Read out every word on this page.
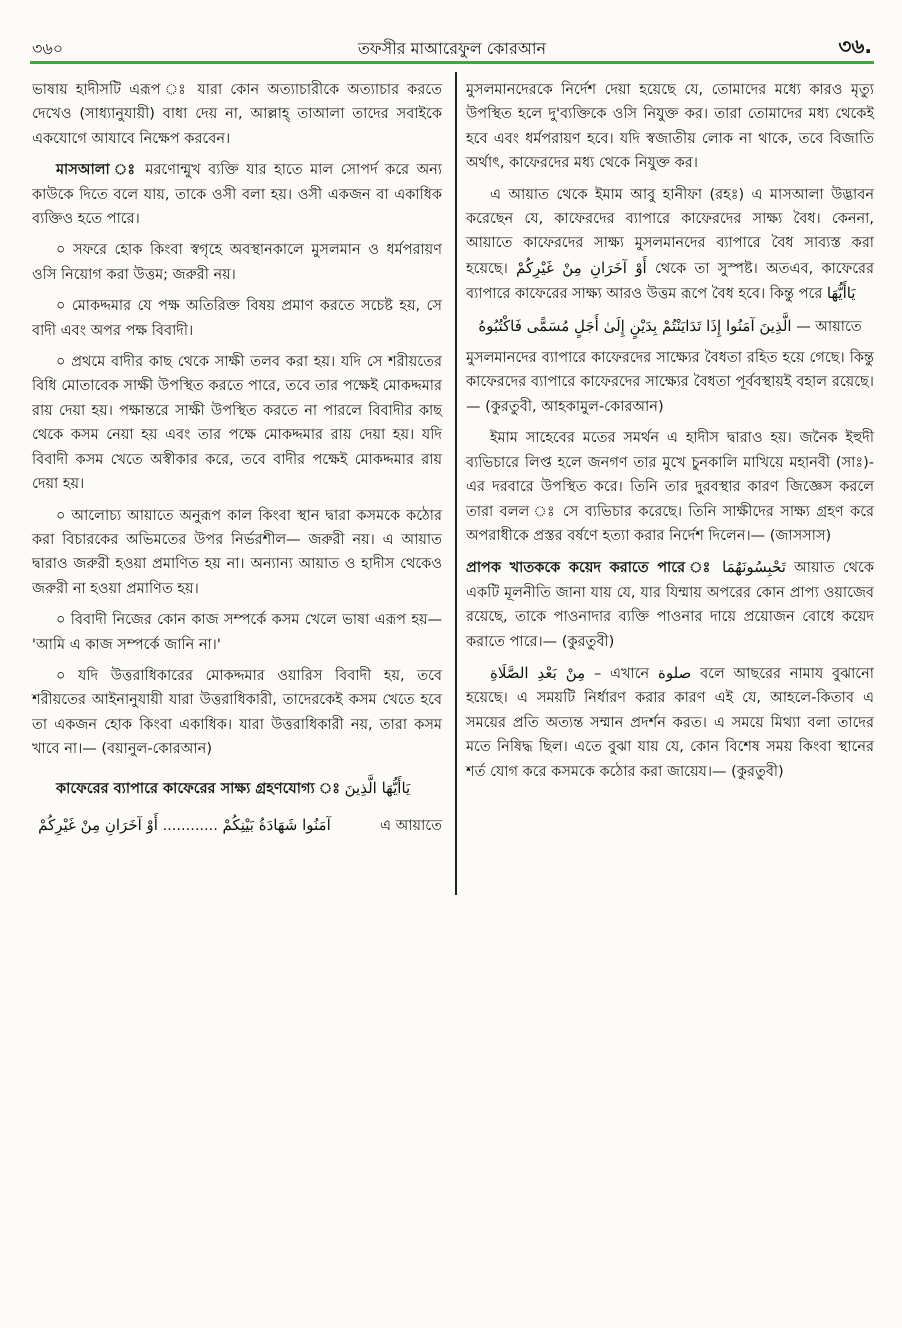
৩৬০	তফসীর মাআরেফুল কোরআন	৩৬.

ভাষায় হাদীসটি এরূপ ঃ যারা কোন অত্যাচারীকে অত্যাচার করতে দেখেও (সাধ্যানুযায়ী) বাধা দেয় না, আল্লাহ্ তাআলা তাদের সবাইকে একযোগে আযাবে নিক্ষেপ করবেন।

মাসআলা ঃ মরণোন্মুখ ব্যক্তি যার হাতে মাল সোপর্দ করে অন্য কাউকে দিতে বলে যায়, তাকে ওসী বলা হয়। ওসী একজন বা একাধিক ব্যক্তিও হতে পারে।

০ সফরে হোক কিংবা স্বগৃহে অবস্থানকালে মুসলমান ও ধর্মপরায়ণ ওসি নিয়োগ করা উত্তম; জরুরী নয়।

০ মোকদ্দমার যে পক্ষ অতিরিক্ত বিষয় প্রমাণ করতে সচেষ্ট হয়, সে বাদী এবং অপর পক্ষ বিবাদী।

০ প্রথমে বাদীর কাছ থেকে সাক্ষী তলব করা হয়। যদি সে শরীয়তের বিধি মোতাবেক সাক্ষী উপস্থিত করতে পারে, তবে তার পক্ষেই মোকদ্দমার রায় দেয়া হয়। পক্ষান্তরে সাক্ষী উপস্থিত করতে না পারলে বিবাদীর কাছ থেকে কসম নেয়া হয় এবং তার পক্ষে মোকদ্দমার রায় দেয়া হয়। যদি বিবাদী কসম খেতে অস্বীকার করে, তবে বাদীর পক্ষেই মোকদ্দমার রায় দেয়া হয়।

০ আলোচ্য আয়াতে অনুরূপ কাল কিংবা স্থান দ্বারা কসমকে কঠোর করা বিচারকের অভিমতের উপর নির্ভরশীল— জরুরী নয়। এ আয়াত দ্বারাও জরুরী হওয়া প্রমাণিত হয় না। অন্যান্য আয়াত ও হাদীস থেকেও জরুরী না হওয়া প্রমাণিত হয়।

০ বিবাদী নিজের কোন কাজ সম্পর্কে কসম খেলে ভাষা এরূপ হয়— 'আমি এ কাজ সম্পর্কে জানি না।'

০ যদি উত্তরাধিকারের মোকদ্দমার ওয়ারিস বিবাদী হয়, তবে শরীয়তের আইনানুযায়ী যারা উত্তরাধিকারী, তাদেরকেই কসম খেতে হবে তা একজন হোক কিংবা একাধিক। যারা উত্তরাধিকারী নয়, তারা কসম খাবে না।— (বয়ানুল-কোরআন)

কাফেরের ব্যাপারে কাফেরের সাক্ষ্য গ্রহণযোগ্য ঃ يَاأَيُّهَا الَّذِينَ

أَوْ آخَرَانِ مِنْ غَيْرِكُمْ ............ آمَنُوا شَهَادَةُ بَيْنِكُمْ	এ আয়াতে

মুসলমানদেরকে নির্দেশ দেয়া হয়েছে যে, তোমাদের মধ্যে কারও মৃত্যু উপস্থিত হলে দু'ব্যক্তিকে ওসি নিযুক্ত কর। তারা তোমাদের মধ্য থেকেই হবে এবং ধর্মপরায়ণ হবে। যদি স্বজাতীয় লোক না থাকে, তবে বিজাতি অর্থাৎ, কাফেরদের মধ্য থেকে নিযুক্ত কর।

এ আয়াত থেকে ইমাম আবু হানীফা (রহঃ) এ মাসআলা উদ্ভাবন করেছেন যে, কাফেরদের ব্যাপারে কাফেরদের সাক্ষ্য বৈধ। কেননা, আয়াতে কাফেরদের সাক্ষ্য মুসলমানদের ব্যাপারে বৈধ সাব্যস্ত করা হয়েছে। أَوْ آخَرَانِ مِنْ غَيْرِكُمْ থেকে তা সুস্পষ্ট। অতএব, কাফেরের ব্যাপারে কাফেরের সাক্ষ্য আরও উত্তম রূপে বৈধ হবে। কিন্তু পরে يَاأَيُّهَا

الَّذِينَ آمَنُوا إِذَا تَدَايَنْتُمْ بِدَيْنٍ إِلَىٰ أَجَلٍ مُسَمًّى فَاكْتُبُوهُ — আয়াতে

মুসলমানদের ব্যাপারে কাফেরদের সাক্ষ্যের বৈধতা রহিত হয়ে গেছে। কিন্তু কাফেরদের ব্যাপারে কাফেরদের সাক্ষ্যের বৈধতা পূর্ববস্থায়ই বহাল রয়েছে।— (কুরতুবী, আহকামুল-কোরআন)

ইমাম সাহেবের মতের সমর্থন এ হাদীস দ্বারাও হয়। জনৈক ইহুদী ব্যভিচারে লিপ্ত হলে জনগণ তার মুখে চুনকালি মাখিয়ে মহানবী (সাঃ)-এর দরবারে উপস্থিত করে। তিনি তার দুরবস্থার কারণ জিজ্ঞেস করলে তারা বলল ঃ সে ব্যভিচার করেছে। তিনি সাক্ষীদের সাক্ষ্য গ্রহণ করে অপরাধীকে প্রস্তর বর্ষণে হত্যা করার নির্দেশ দিলেন।— (জাসসাস)

প্রাপক খাতককে কয়েদ করাতে পারে ঃ تَحْبِسُونَهُمَا আয়াত থেকে একটি মূলনীতি জানা যায় যে, যার যিম্মায় অপরের কোন প্রাপ্য ওয়াজেব রয়েছে, তাকে পাওনাদার ব্যক্তি পাওনার দায়ে প্রয়োজন বোধে কয়েদ করাতে পারে।— (কুরতুবী)

مِنْ بَعْدِ الصَّلَاةِ – এখানে صلوة বলে আছরের নামায বুঝানো হয়েছে। এ সময়টি নির্ধারণ করার কারণ এই যে, আহলে-কিতাব এ সময়ের প্রতি অত্যন্ত সম্মান প্রদর্শন করত। এ সময়ে মিথ্যা বলা তাদের মতে নিষিদ্ধ ছিল। এতে বুঝা যায় যে, কোন বিশেষ সময় কিংবা স্থানের শর্ত যোগ করে কসমকে কঠোর করা জায়েয।— (কুরতুবী)
